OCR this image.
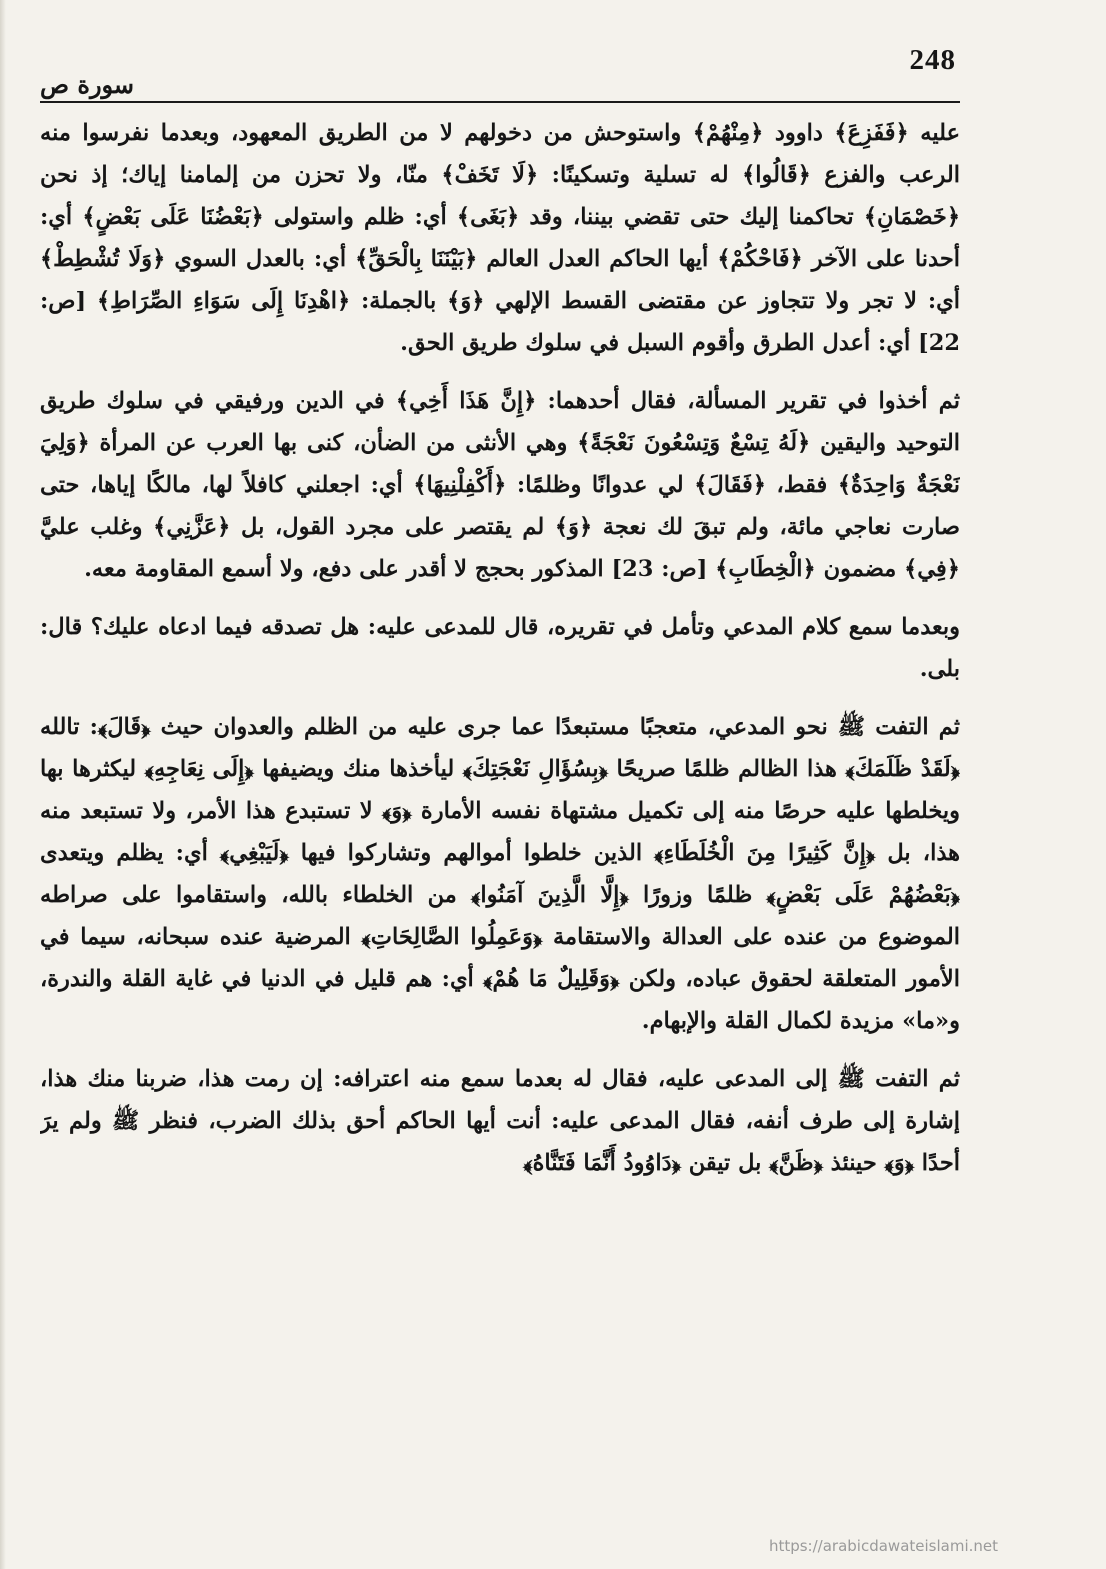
248
سورة ص

عليه ﴿فَفَزِعَ﴾ داوود ﴿مِنْهُمْ﴾ واستوحش من دخولهم لا من الطريق المعهود، وبعدما نفرسوا منه الرعب والفزع ﴿قَالُوا﴾ له تسلية وتسكينًا: ﴿لَا تَخَفْ﴾ منّا، ولا تحزن من إلمامنا إياك؛ إذ نحن ﴿خَصْمَانِ﴾ تحاكمنا إليك حتى تقضي بيننا، وقد ﴿بَغَى﴾ أي: ظلم واستولى ﴿بَعْضُنَا عَلَى بَعْضٍ﴾ أي: أحدنا على الآخر ﴿فَاحْكُمْ﴾ أيها الحاكم العدل العالم ﴿بَيْنَنَا بِالْحَقِّ﴾ أي: بالعدل السوي ﴿وَلَا تُشْطِطْ﴾ أي: لا تجر ولا تتجاوز عن مقتضى القسط الإلهي ﴿وَ﴾ بالجملة: ﴿اهْدِنَا إِلَى سَوَاءِ الصِّرَاطِ﴾ [ص: 22] أي: أعدل الطرق وأقوم السبل في سلوك طريق الحق.

ثم أخذوا في تقرير المسألة، فقال أحدهما: ﴿إِنَّ هَذَا أَخِي﴾ في الدين ورفيقي في سلوك طريق التوحيد واليقين ﴿لَهُ تِسْعٌ وَتِسْعُونَ نَعْجَةً﴾ وهي الأنثى من الضأن، كنى بها العرب عن المرأة ﴿وَلِيَ نَعْجَةٌ وَاحِدَةٌ﴾ فقط، ﴿فَقَالَ﴾ لي عدوانًا وظلمًا: ﴿أَكْفِلْنِيهَا﴾ أي: اجعلني كافلاً لها، مالكًا إياها، حتى صارت نعاجي مائة، ولم تبقَ لك نعجة ﴿وَ﴾ لم يقتصر على مجرد القول، بل ﴿عَزَّنِي﴾ وغلب عليَّ ﴿فِي﴾ مضمون ﴿الْخِطَابِ﴾ [ص: 23] المذكور بحجج لا أقدر على دفع، ولا أسمع المقاومة معه.

وبعدما سمع كلام المدعي وتأمل في تقريره، قال للمدعى عليه: هل تصدقه فيما ادعاه عليك؟ قال: بلى.

ثم التفت ﷺ نحو المدعي، متعجبًا مستبعدًا عما جرى عليه من الظلم والعدوان حيث ﴿قَالَ﴾: تالله ﴿لَقَدْ ظَلَمَكَ﴾ هذا الظالم ظلمًا صريحًا ﴿بِسُؤَالِ نَعْجَتِكَ﴾ ليأخذها منك ويضيفها ﴿إِلَى نِعَاجِهِ﴾ ليكثرها بها ويخلطها عليه حرصًا منه إلى تكميل مشتهاة نفسه الأمارة ﴿وَ﴾ لا تستبدع هذا الأمر، ولا تستبعد منه هذا، بل ﴿إِنَّ كَثِيرًا مِنَ الْخُلَطَاءِ﴾ الذين خلطوا أموالهم وتشاركوا فيها ﴿لَيَبْغِي﴾ أي: يظلم ويتعدى ﴿بَعْضُهُمْ عَلَى بَعْضٍ﴾ ظلمًا وزورًا ﴿إِلَّا الَّذِينَ آمَنُوا﴾ من الخلطاء بالله، واستقاموا على صراطه الموضوع من عنده على العدالة والاستقامة ﴿وَعَمِلُوا الصَّالِحَاتِ﴾ المرضية عنده سبحانه، سيما في الأمور المتعلقة لحقوق عباده، ولكن ﴿وَقَلِيلٌ مَا هُمْ﴾ أي: هم قليل في الدنيا في غاية القلة والندرة، و«ما» مزيدة لكمال القلة والإبهام.

ثم التفت ﷺ إلى المدعى عليه، فقال له بعدما سمع منه اعترافه: إن رمت هذا، ضربنا منك هذا، إشارة إلى طرف أنفه، فقال المدعى عليه: أنت أيها الحاكم أحق بذلك الضرب، فنظر ﷺ ولم يرَ أحدًا ﴿وَ﴾ حينئذ ﴿ظَنَّ﴾ بل تيقن ﴿دَاوُودُ أَنَّمَا فَتَنَّاهُ﴾

https://arabicdawateislami.net
